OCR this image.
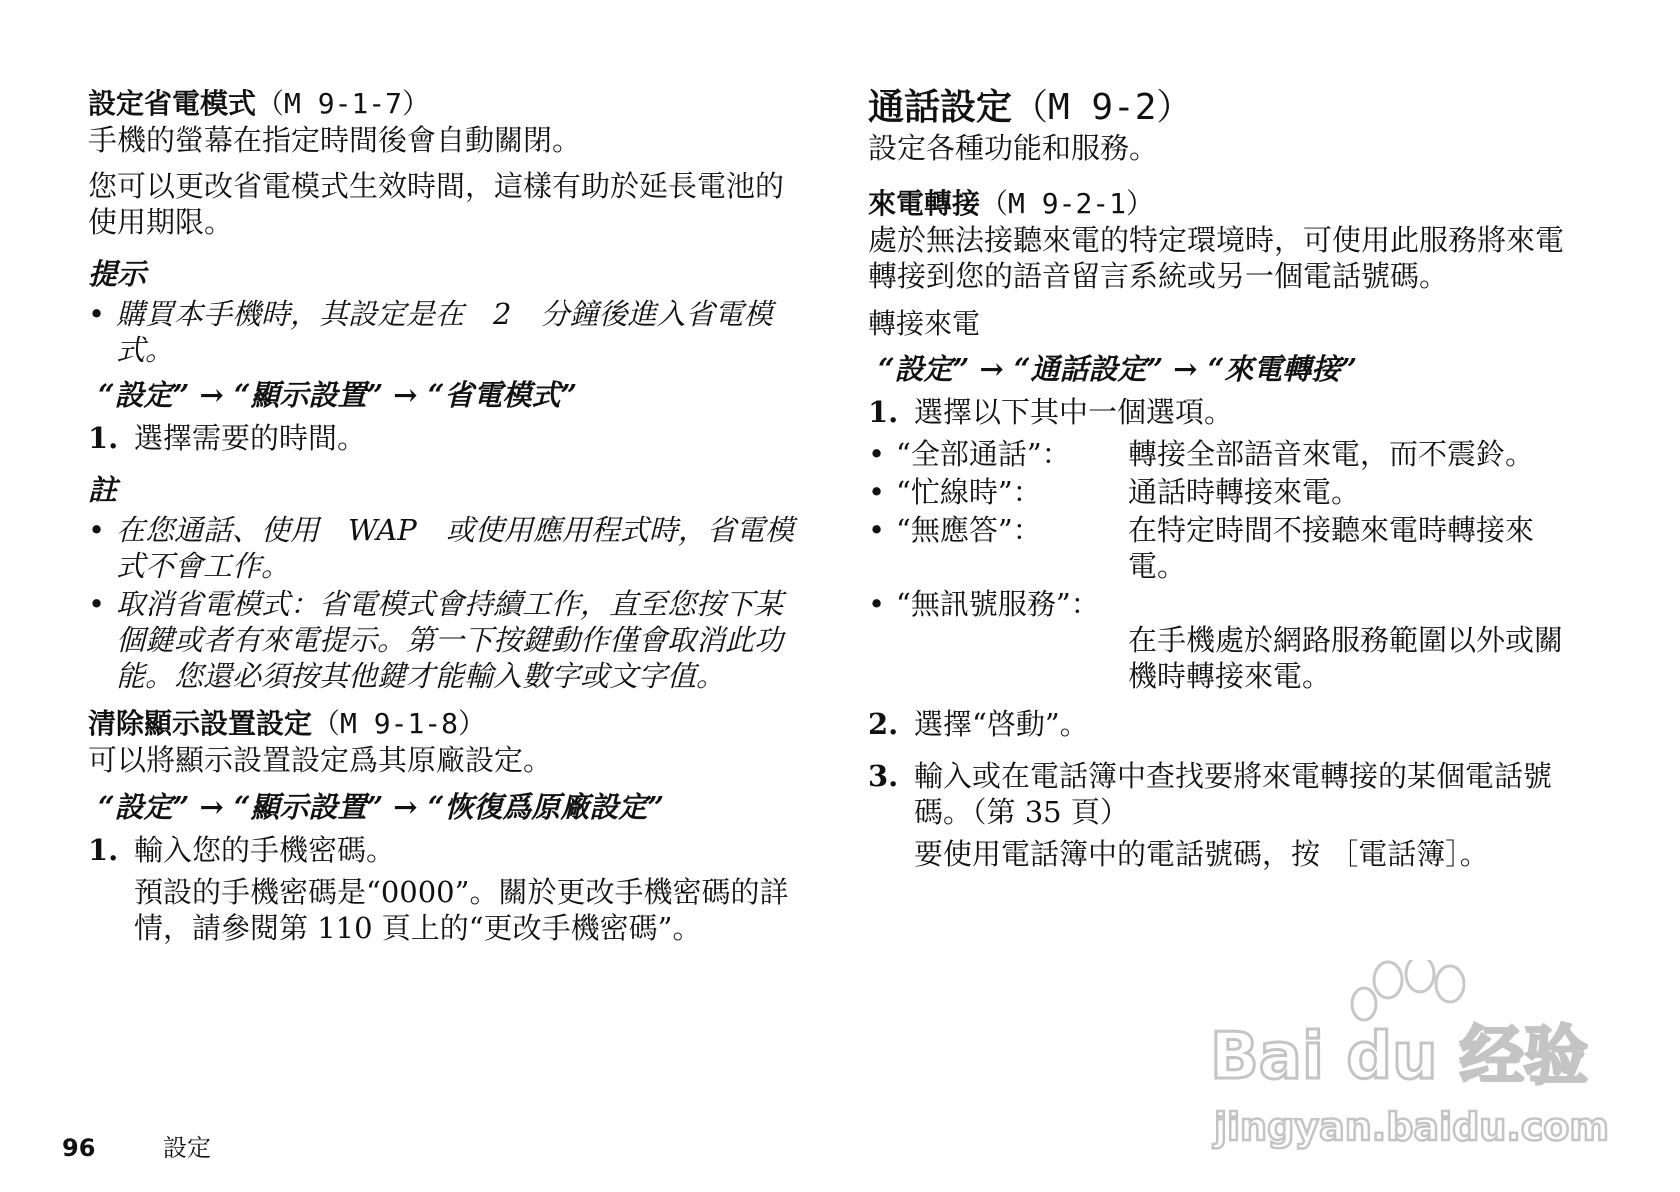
設定省電模式（M 9-1-7）

手機的螢幕在指定時間後會自動關閉。

您可以更改省電模式生效時間，這樣有助於延長電池的使用期限。

提示
• 購買本手機時，其設定是在　2　分鐘後進入省電模式。
“設定” → “顯示設置” → “省電模式”
1. 選擇需要的時間。
註
• 在您通話、使用　WAP　或使用應用程式時，省電模式不會工作。
• 取消省電模式：省電模式會持續工作，直至您按下某個鍵或者有來電提示。第一下按鍵動作僅會取消此功能。您還必須按其他鍵才能輸入數字或文字值。
清除顯示設置設定（M 9-1-8）

可以將顯示設置設定爲其原廠設定。

“設定” → “顯示設置” → “恢復爲原廠設定”
1. 輸入您的手機密碼。
預設的手機密碼是“0000”。關於更改手機密碼的詳情，請參閱第 110 頁上的“更改手機密碼”。
通話設定（M 9-2）

設定各種功能和服務。

來電轉接（M 9-2-1）

處於無法接聽來電的特定環境時，可使用此服務將來電轉接到您的語音留言系統或另一個電話號碼。

轉接來電
“設定” → “通話設定” → “來電轉接”
1. 選擇以下其中一個選項。
• “全部通話”：	轉接全部語音來電，而不震鈴。
• “忙線時”：	通話時轉接來電。
• “無應答”：	在特定時間不接聽來電時轉接來電。
• “無訊號服務”：
在手機處於網路服務範圍以外或關機時轉接來電。
2. 選擇“啓動”。
3. 輸入或在電話簿中查找要將來電轉接的某個電話號碼。（第 35 頁）
要使用電話簿中的電話號碼，按 ［電話簿］。
96	設定
Bai du 经验
jingyan.baidu.com
